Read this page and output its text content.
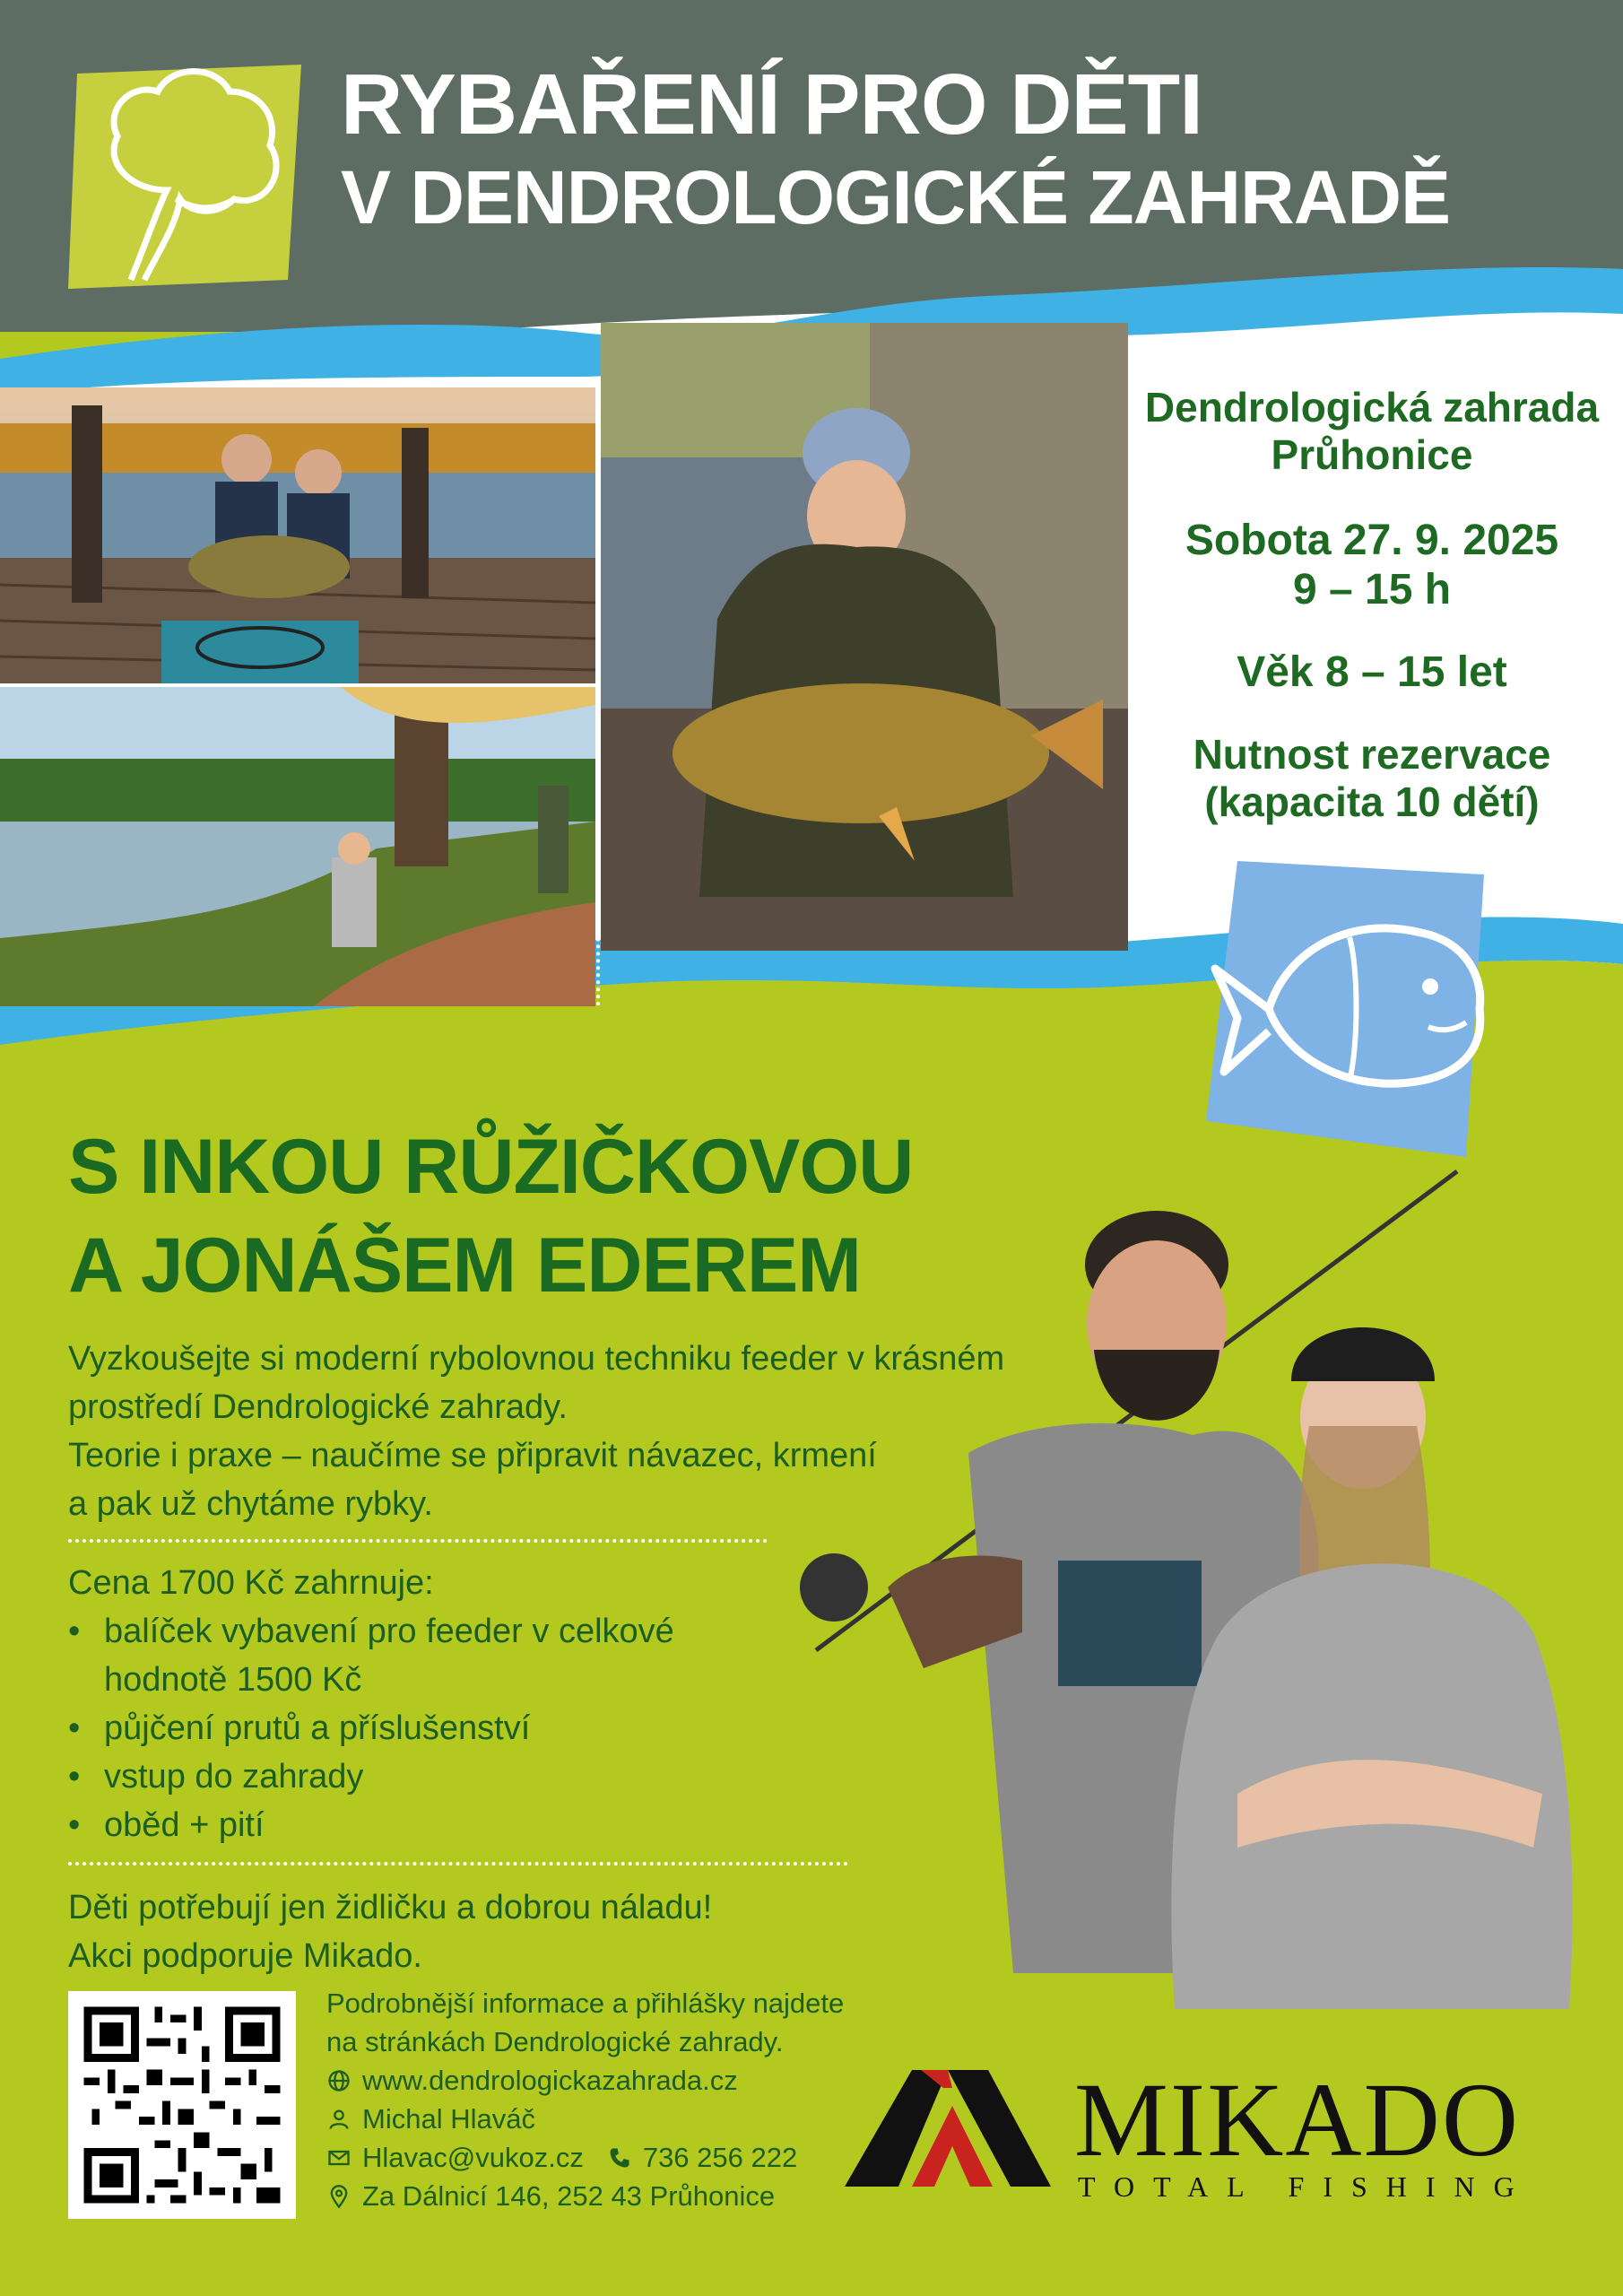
RYBAŘENÍ PRO DĚTI
V DENDROLOGICKÉ ZAHRADĚ
Dendrologická zahrada
Průhonice
Sobota 27. 9. 2025
9 – 15 h
Věk 8 – 15 let
Nutnost rezervace
(kapacita 10 dětí)
S INKOU RŮŽIČKOVOU
A JONÁŠEM EDEREM
Vyzkoušejte si moderní rybolovnou techniku feeder v krásném
prostředí Dendrologické zahrady.
Teorie i praxe – naučíme se připravit návazec, krmení
a pak už chytáme rybky.
Cena 1700 Kč zahrnuje:
• balíček vybavení pro feeder v celkové
hodnotě 1500 Kč
• půjčení prutů a příslušenství
• vstup do zahrady
• oběd + pití
Děti potřebují jen židličku a dobrou náladu!
Akci podporuje Mikado.
Podrobnější informace a přihlášky najdete
na stránkách Dendrologické zahrady.
www.dendrologickazahrada.cz
Michal Hlaváč
Hlavac@vukoz.cz 736 256 222
Za Dálnicí 146, 252 43 Průhonice
MIKADO
TOTAL FISHING
